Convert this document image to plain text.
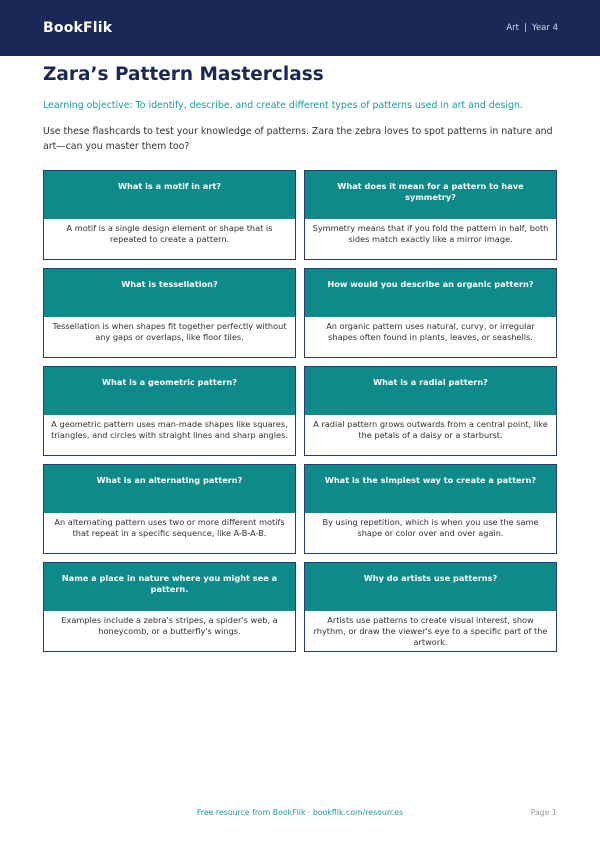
BookFlik	Art | Year 4
Zara’s Pattern Masterclass

Learning objective: To identify, describe, and create different types of patterns used in art and design.

Use these flashcards to test your knowledge of patterns. Zara the zebra loves to spot patterns in nature and art—can you master them too?

What is a motif in art?
A motif is a single design element or shape that is repeated to create a pattern.
What does it mean for a pattern to have symmetry?
Symmetry means that if you fold the pattern in half, both sides match exactly like a mirror image.
What is tessellation?
Tessellation is when shapes fit together perfectly without any gaps or overlaps, like floor tiles.
How would you describe an organic pattern?
An organic pattern uses natural, curvy, or irregular shapes often found in plants, leaves, or seashells.
What is a geometric pattern?
A geometric pattern uses man-made shapes like squares, triangles, and circles with straight lines and sharp angles.
What is a radial pattern?
A radial pattern grows outwards from a central point, like the petals of a daisy or a starburst.
What is an alternating pattern?
An alternating pattern uses two or more different motifs that repeat in a specific sequence, like A-B-A-B.
What is the simplest way to create a pattern?
By using repetition, which is when you use the same shape or color over and over again.
Name a place in nature where you might see a pattern.
Examples include a zebra's stripes, a spider's web, a honeycomb, or a butterfly's wings.
Why do artists use patterns?
Artists use patterns to create visual interest, show rhythm, or draw the viewer's eye to a specific part of the artwork.
Free resource from BookFlik · bookflik.com/resources	Page 1
